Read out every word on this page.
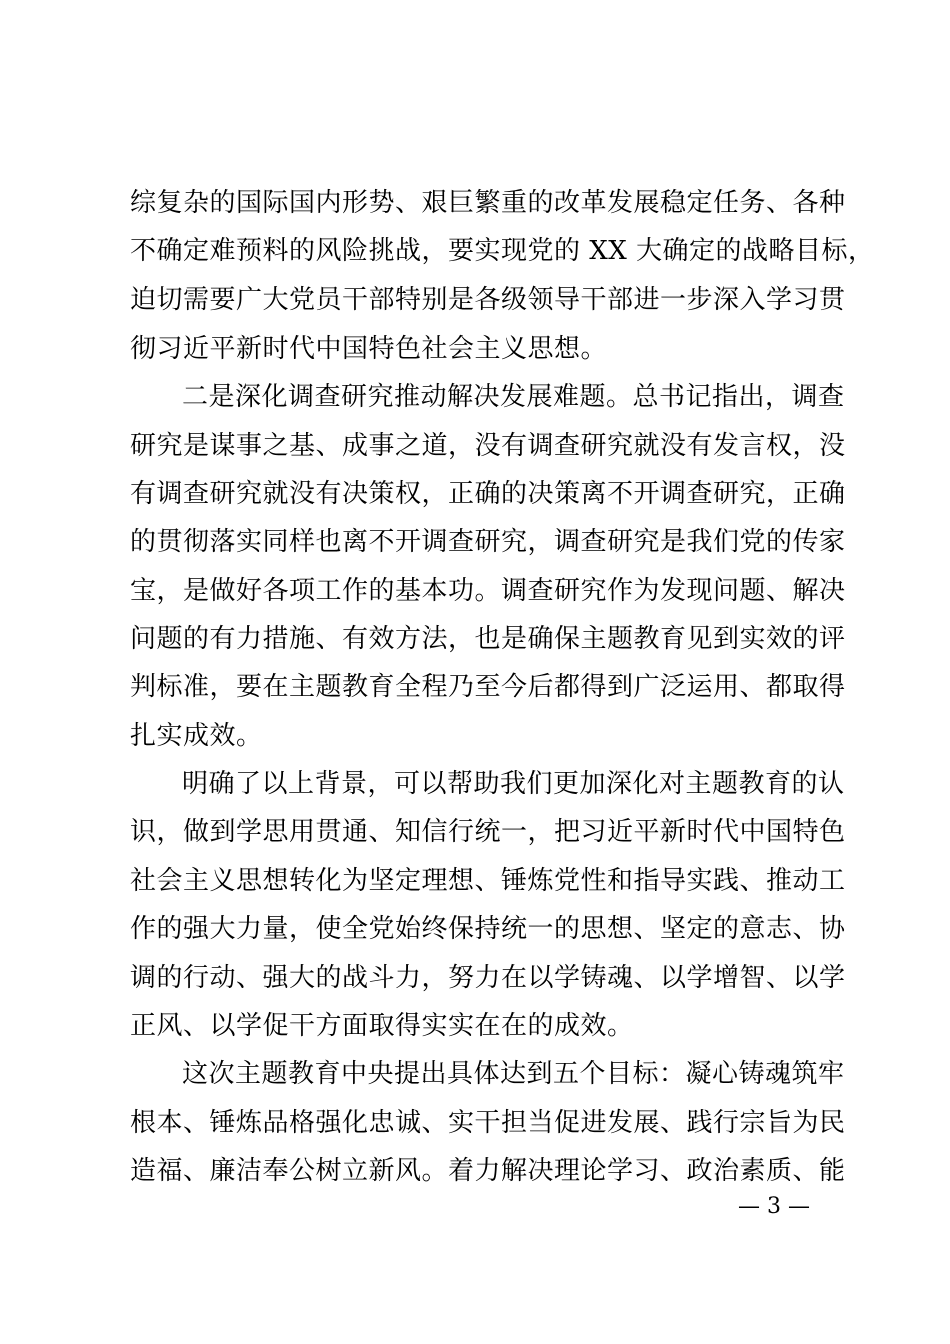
综复杂的国际国内形势、艰巨繁重的改革发展稳定任务、各种
不确定难预料的风险挑战，要实现党的 XX 大确定的战略目标，
迫切需要广大党员干部特别是各级领导干部进一步深入学习贯
彻习近平新时代中国特色社会主义思想。
二是深化调查研究推动解决发展难题。总书记指出，调查
研究是谋事之基、成事之道，没有调查研究就没有发言权，没
有调查研究就没有决策权，正确的决策离不开调查研究，正确
的贯彻落实同样也离不开调查研究，调查研究是我们党的传家
宝，是做好各项工作的基本功。调查研究作为发现问题、解决
问题的有力措施、有效方法，也是确保主题教育见到实效的评
判标准，要在主题教育全程乃至今后都得到广泛运用、都取得
扎实成效。
明确了以上背景，可以帮助我们更加深化对主题教育的认
识，做到学思用贯通、知信行统一，把习近平新时代中国特色
社会主义思想转化为坚定理想、锤炼党性和指导实践、推动工
作的强大力量，使全党始终保持统一的思想、坚定的意志、协
调的行动、强大的战斗力，努力在以学铸魂、以学增智、以学
正风、以学促干方面取得实实在在的成效。
这次主题教育中央提出具体达到五个目标：凝心铸魂筑牢
根本、锤炼品格强化忠诚、实干担当促进发展、践行宗旨为民
造福、廉洁奉公树立新风。着力解决理论学习、政治素质、能
— 3 —
